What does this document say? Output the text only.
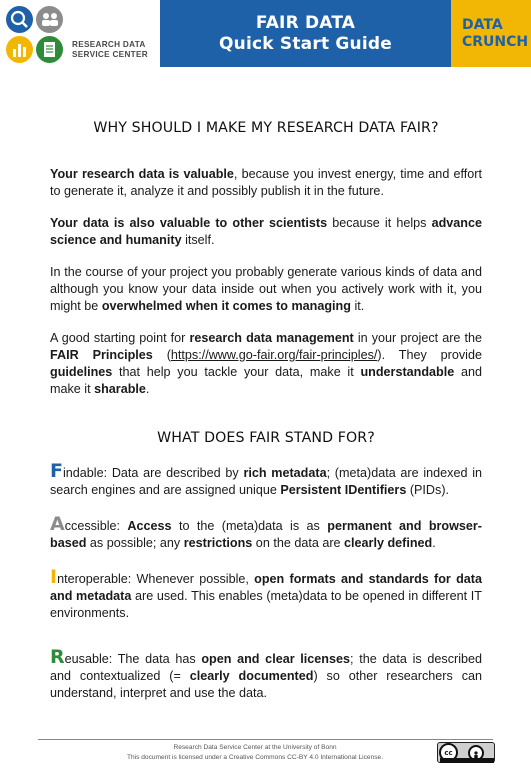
RESEARCH DATA
SERVICE CENTER
FAIR DATA
Quick Start Guide
DATA
CRUNCH
WHY SHOULD I MAKE MY RESEARCH DATA FAIR?

Your research data is valuable, because you invest energy, time and effort to generate it, analyze it and possibly publish it in the future.

Your data is also valuable to other scientists because it helps advance science and humanity itself.

In the course of your project you probably generate various kinds of data and although you know your data inside out when you actively work with it, you might be overwhelmed when it comes to managing it.

A good starting point for research data management in your project are the FAIR Principles (https://www.go-fair.org/fair-principles/). They provide guidelines that help you tackle your data, make it understandable and make it sharable.

WHAT DOES FAIR STAND FOR?

Findable: Data are described by rich metadata; (meta)data are indexed in search engines and are assigned unique Persistent IDentifiers (PIDs).

Accessible: Access to the (meta)data is as permanent and browser-based as possible; any restrictions on the data are clearly defined.

Interoperable: Whenever possible, open formats and standards for data and metadata are used. This enables (meta)data to be opened in different IT environments.

Reusable: The data has open and clear licenses; the data is described and contextualized (= clearly documented) so other researchers can understand, interpret and use the data.

Research Data Service Center at the University of Bonn
This document is licensed under a Creative Commons CC-BY 4.0 International License.
cc
